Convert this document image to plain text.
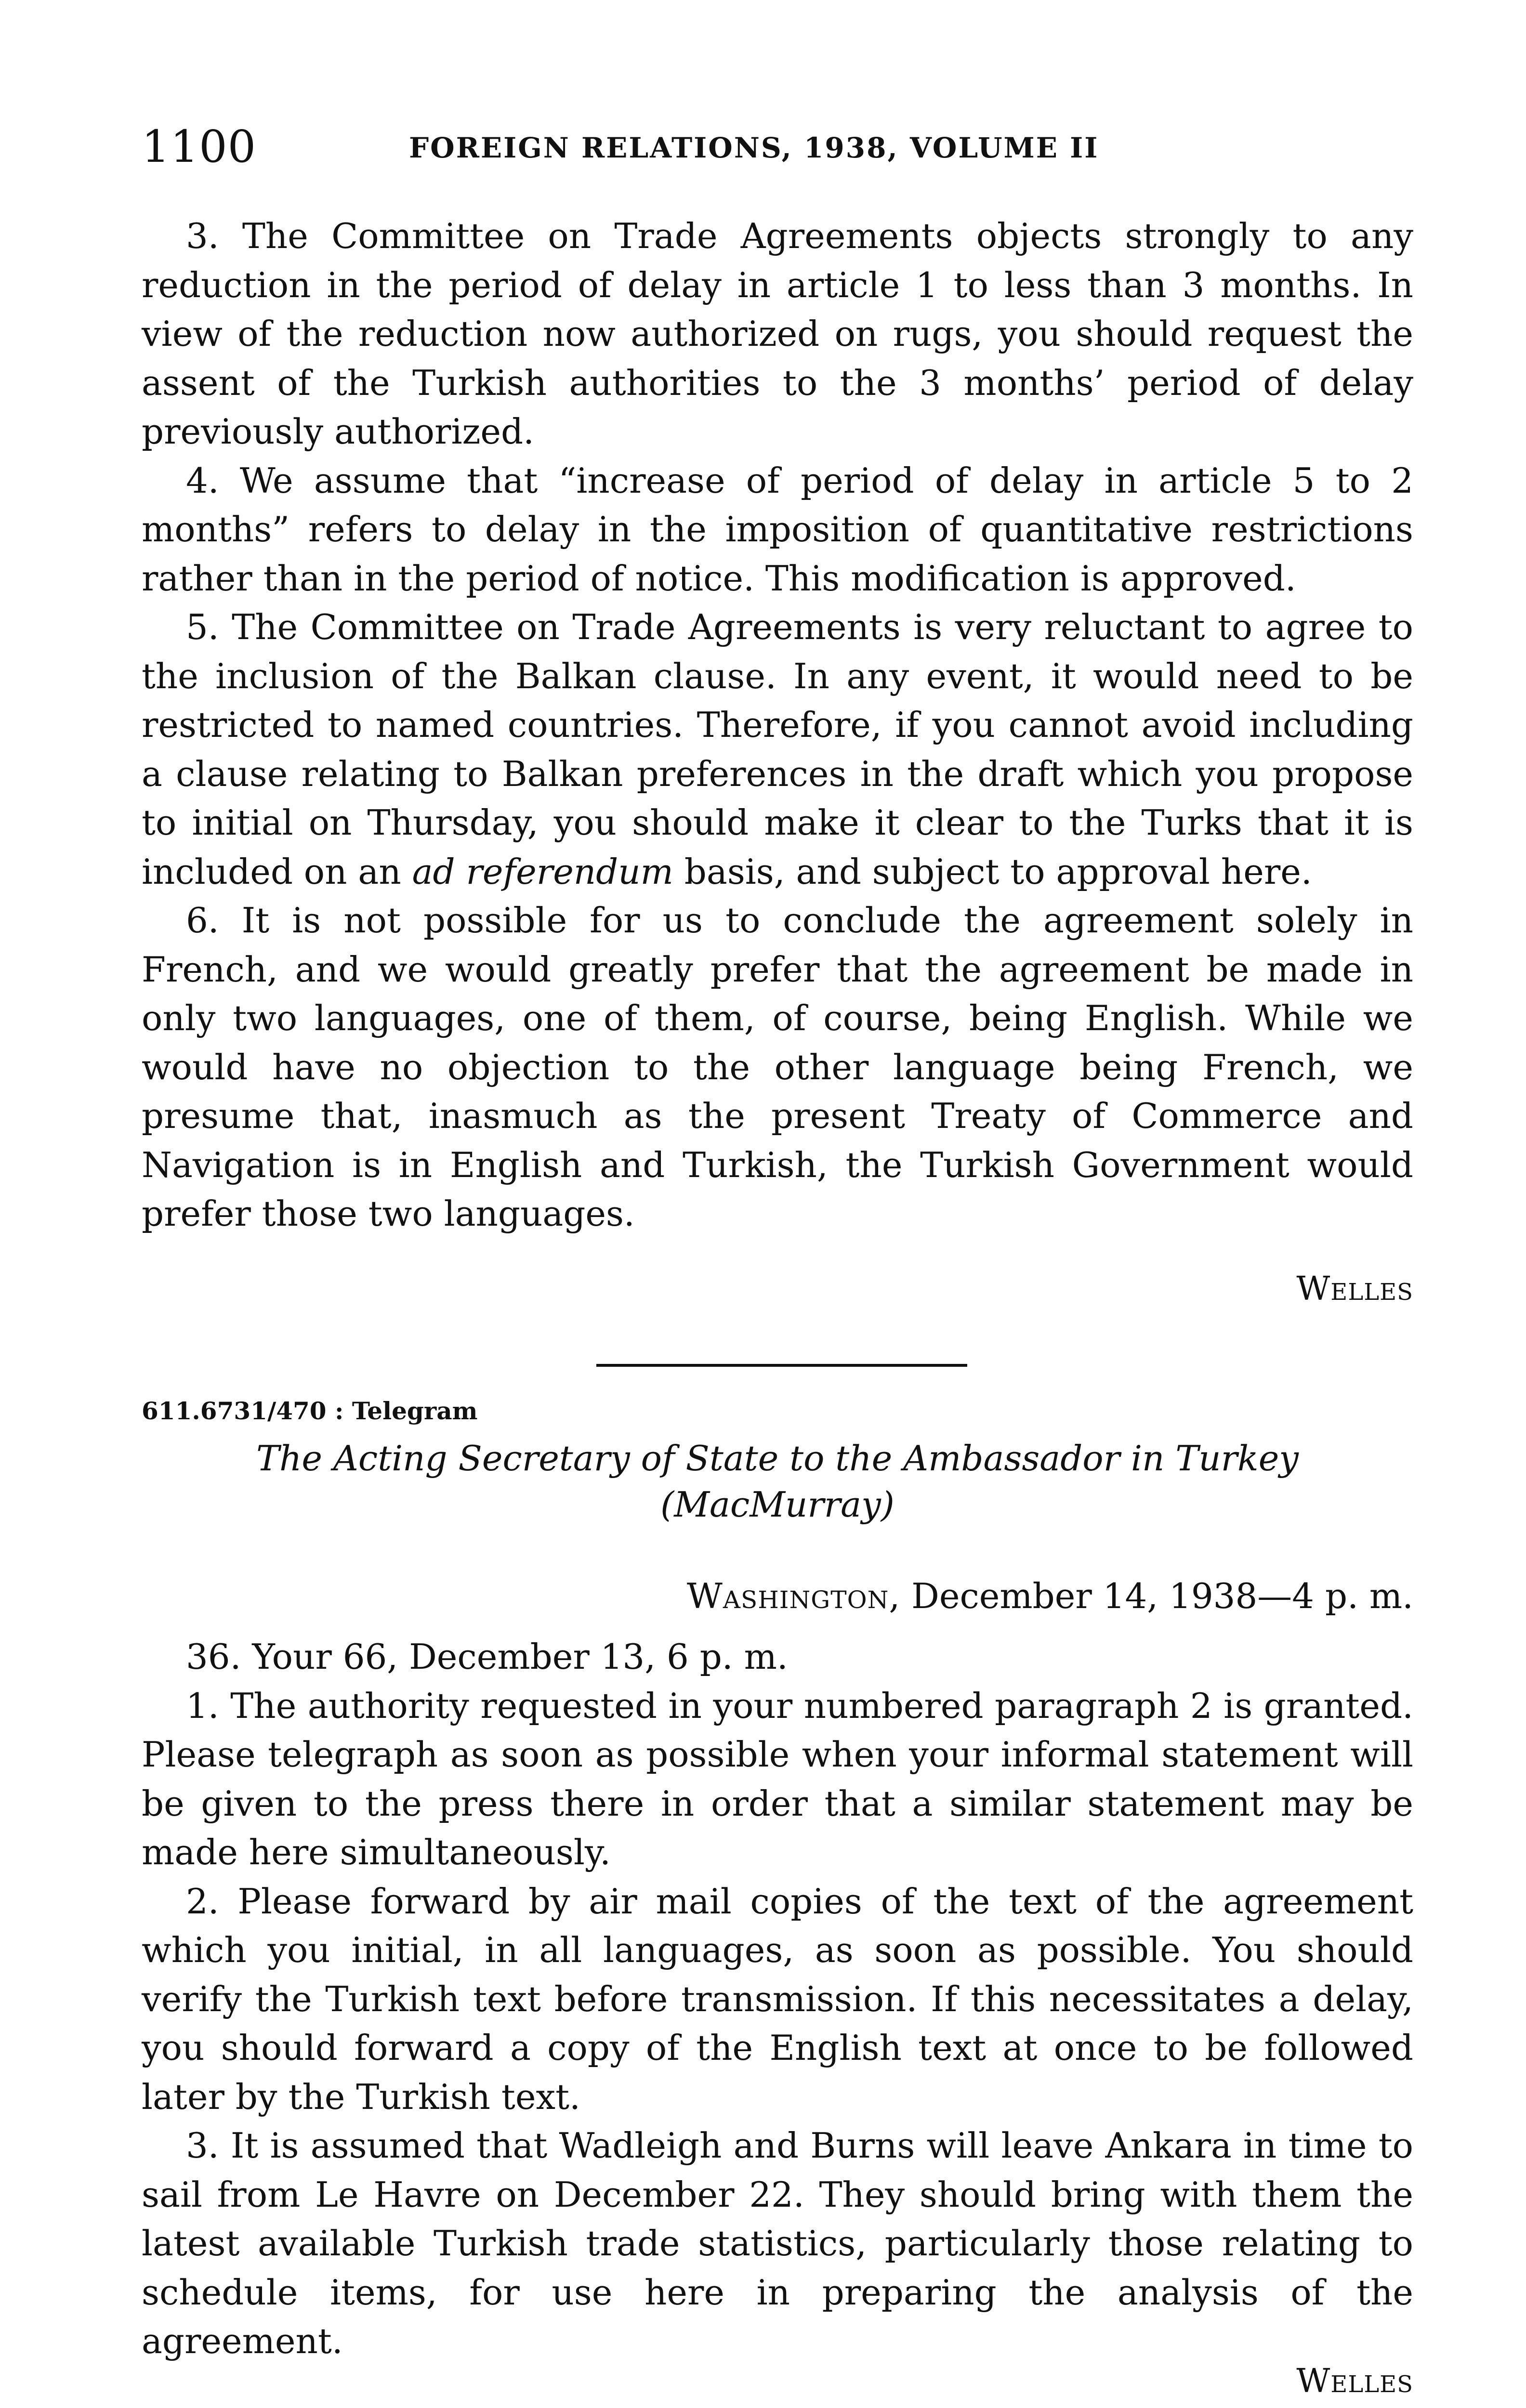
1100	FOREIGN RELATIONS, 1938, VOLUME II

3. The Committee on Trade Agreements objects strongly to any reduction in the period of delay in article 1 to less than 3 months. In view of the reduction now authorized on rugs, you should request the assent of the Turkish authorities to the 3 months’ period of delay previously authorized.

4. We assume that “increase of period of delay in article 5 to 2 months” refers to delay in the imposition of quantitative restrictions rather than in the period of notice. This modification is approved.

5. The Committee on Trade Agreements is very reluctant to agree to the inclusion of the Balkan clause. In any event, it would need to be restricted to named countries. Therefore, if you cannot avoid including a clause relating to Balkan preferences in the draft which you propose to initial on Thursday, you should make it clear to the Turks that it is included on an ad referendum basis, and subject to approval here.

6. It is not possible for us to conclude the agreement solely in French, and we would greatly prefer that the agreement be made in only two languages, one of them, of course, being English. While we would have no objection to the other language being French, we presume that, inasmuch as the present Treaty of Commerce and Navigation is in English and Turkish, the Turkish Government would prefer those two languages.

Welles
611.6731/470 : Telegram
The Acting Secretary of State to the Ambassador in Turkey
(MacMurray)
Washington, December 14, 1938—4 p. m.

36. Your 66, December 13, 6 p. m.

1. The authority requested in your numbered paragraph 2 is granted. Please telegraph as soon as possible when your informal statement will be given to the press there in order that a similar statement may be made here simultaneously.

2. Please forward by air mail copies of the text of the agreement which you initial, in all languages, as soon as possible. You should verify the Turkish text before transmission. If this necessitates a delay, you should forward a copy of the English text at once to be followed later by the Turkish text.

3. It is assumed that Wadleigh and Burns will leave Ankara in time to sail from Le Havre on December 22. They should bring with them the latest available Turkish trade statistics, particularly those relating to schedule items, for use here in preparing the analysis of the agreement.

Welles
